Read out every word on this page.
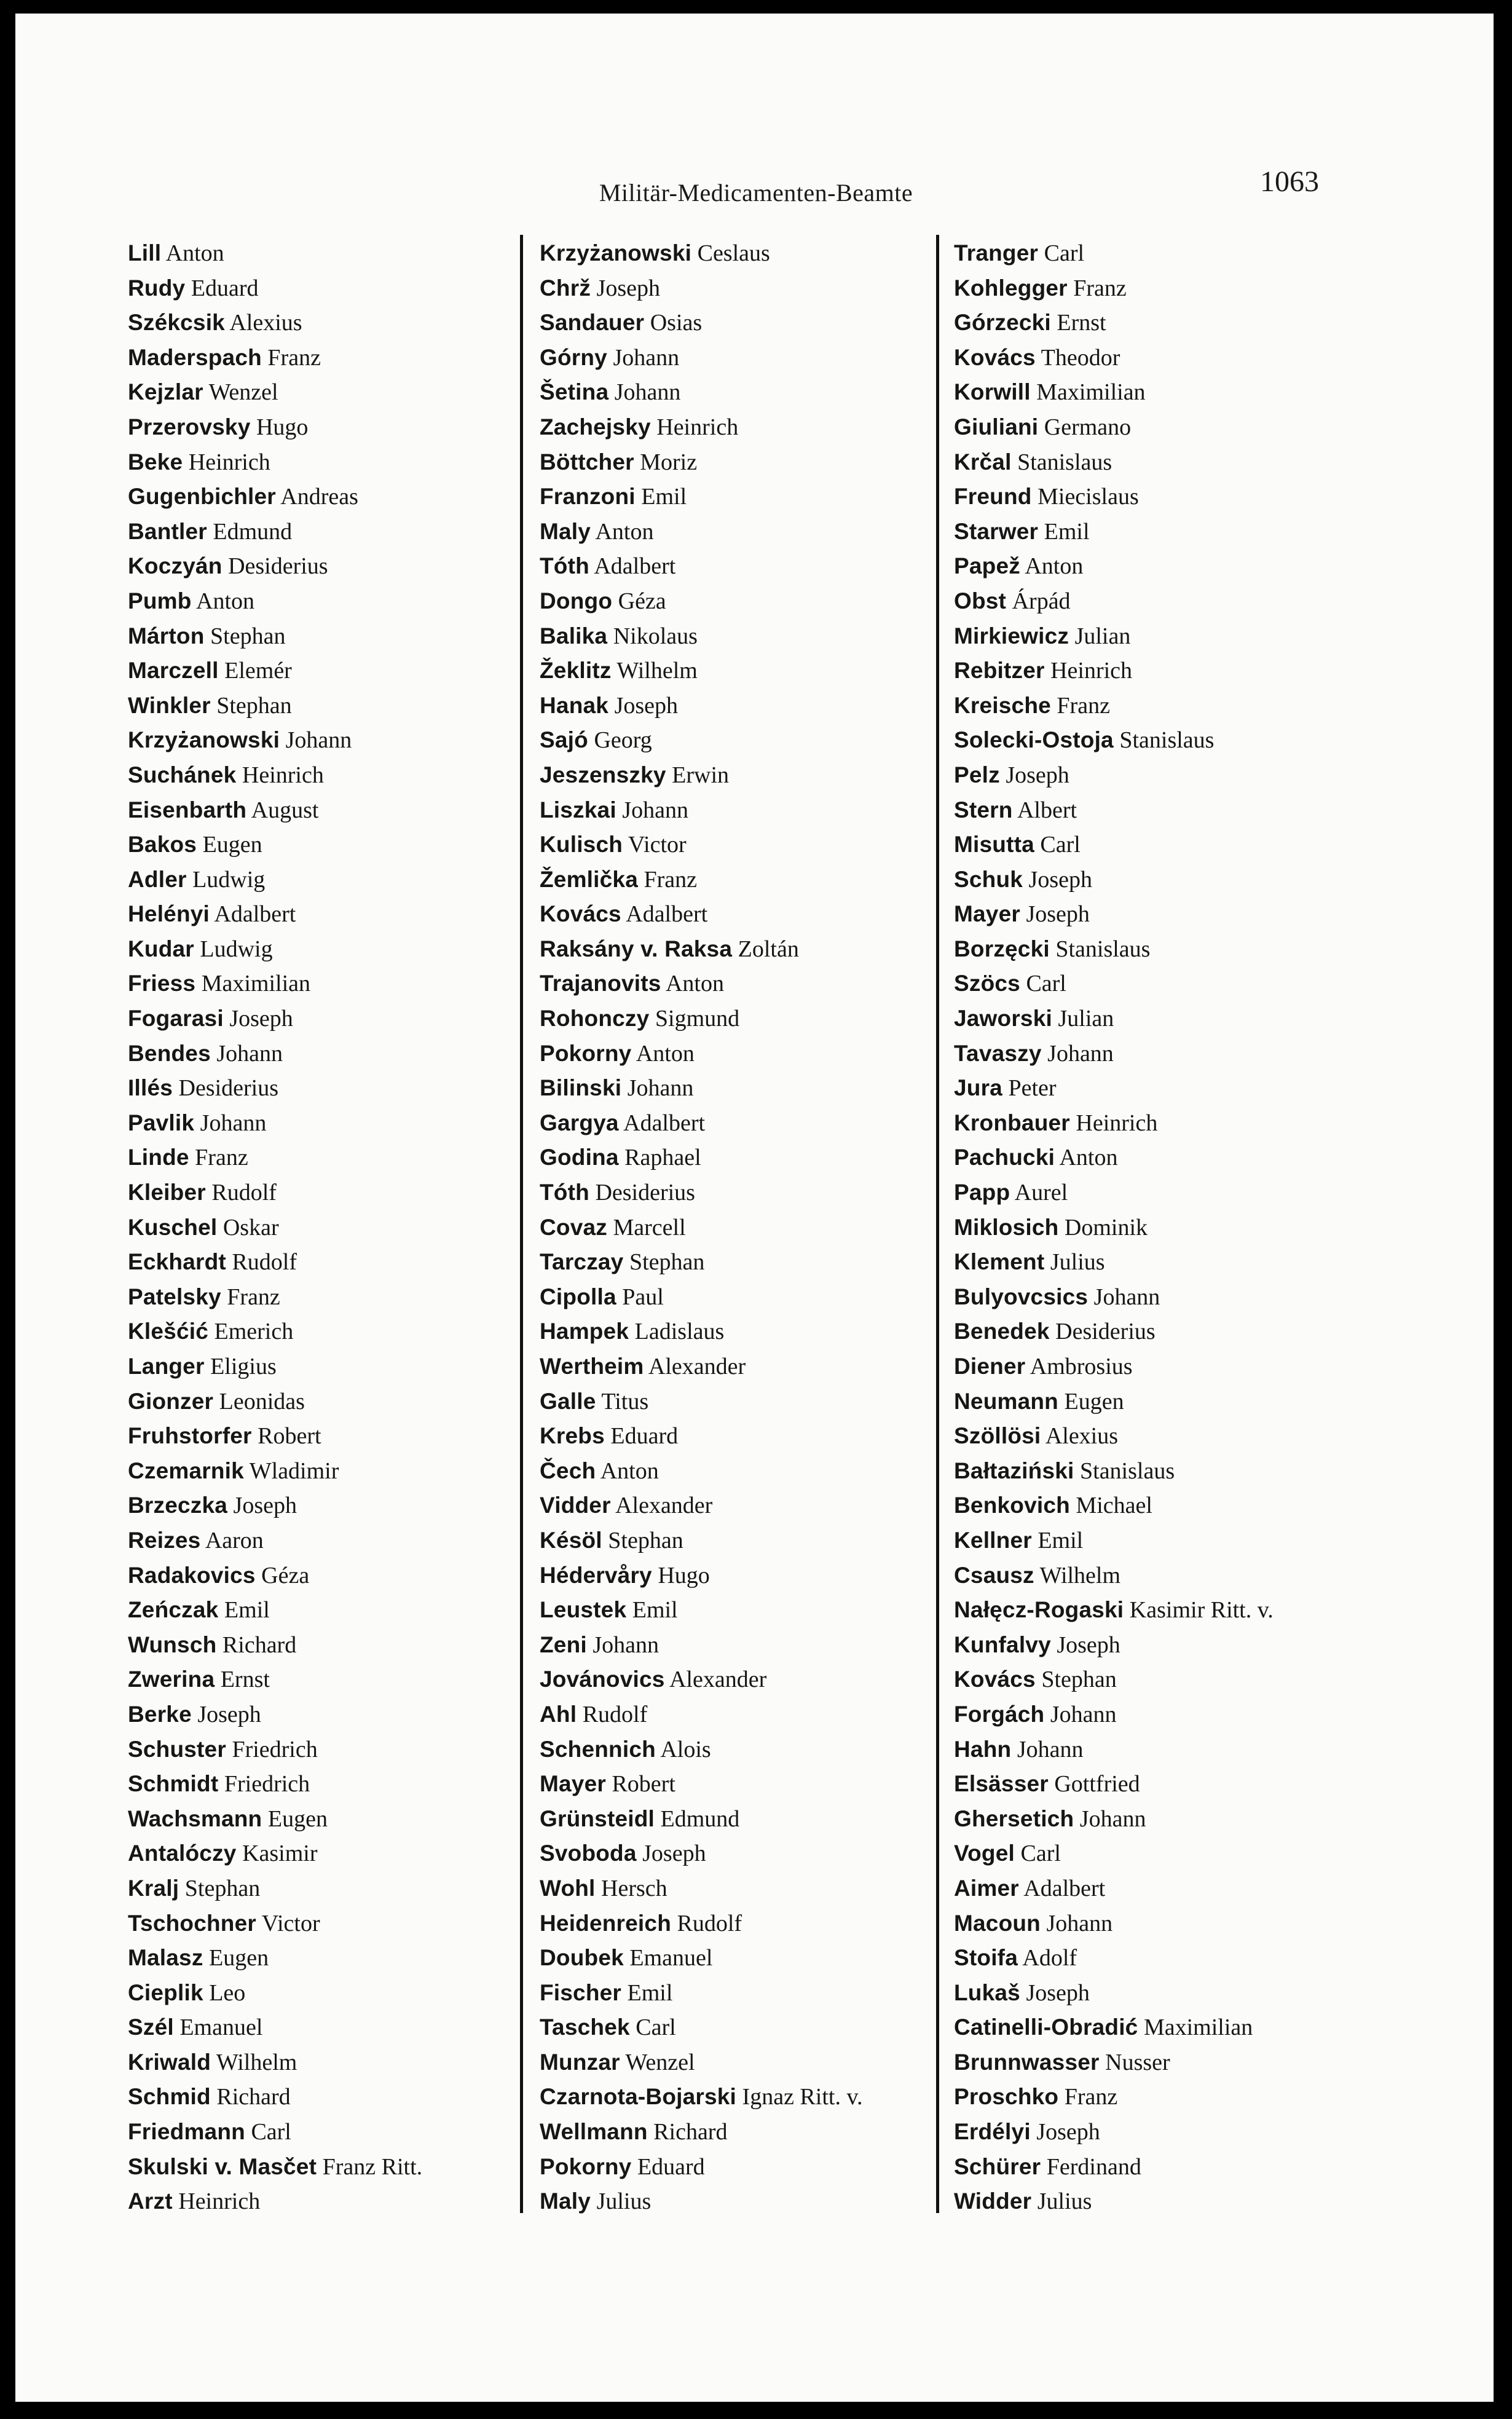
Militär-Medicamenten-Beamte	1063
Lill Anton
Rudy Eduard
Székcsik Alexius
Maderspach Franz
Kejzlar Wenzel
Przerovsky Hugo
Beke Heinrich
Gugenbichler Andreas
Bantler Edmund
Koczyán Desiderius
Pumb Anton
Márton Stephan
Marczell Elemér
Winkler Stephan
Krzyżanowski Johann
Suchánek Heinrich
Eisenbarth August
Bakos Eugen
Adler Ludwig
Helényi Adalbert
Kudar Ludwig
Friess Maximilian
Fogarasi Joseph
Bendes Johann
Illés Desiderius
Pavlik Johann
Linde Franz
Kleiber Rudolf
Kuschel Oskar
Eckhardt Rudolf
Patelsky Franz
Klešćić Emerich
Langer Eligius
Gionzer Leonidas
Fruhstorfer Robert
Czemarnik Wladimir
Brzeczka Joseph
Reizes Aaron
Radakovics Géza
Zeńczak Emil
Wunsch Richard
Zwerina Ernst
Berke Joseph
Schuster Friedrich
Schmidt Friedrich
Wachsmann Eugen
Antalóczy Kasimir
Kralj Stephan
Tschochner Victor
Malasz Eugen
Cieplik Leo
Szél Emanuel
Kriwald Wilhelm
Schmid Richard
Friedmann Carl
Skulski v. Masčet Franz Ritt.
Arzt Heinrich
Krzyżanowski Ceslaus
Chrž Joseph
Sandauer Osias
Górny Johann
Šetina Johann
Zachejsky Heinrich
Böttcher Moriz
Franzoni Emil
Maly Anton
Tóth Adalbert
Dongo Géza
Balika Nikolaus
Žeklitz Wilhelm
Hanak Joseph
Sajó Georg
Jeszenszky Erwin
Liszkai Johann
Kulisch Victor
Žemlička Franz
Kovács Adalbert
Raksány v. Raksa Zoltán
Trajanovits Anton
Rohonczy Sigmund
Pokorny Anton
Bilinski Johann
Gargya Adalbert
Godina Raphael
Tóth Desiderius
Covaz Marcell
Tarczay Stephan
Cipolla Paul
Hampek Ladislaus
Wertheim Alexander
Galle Titus
Krebs Eduard
Čech Anton
Vidder Alexander
Késöl Stephan
Hédervåry Hugo
Leustek Emil
Zeni Johann
Jovánovics Alexander
Ahl Rudolf
Schennich Alois
Mayer Robert
Grünsteidl Edmund
Svoboda Joseph
Wohl Hersch
Heidenreich Rudolf
Doubek Emanuel
Fischer Emil
Taschek Carl
Munzar Wenzel
Czarnota-Bojarski Ignaz Ritt. v.
Wellmann Richard
Pokorny Eduard
Maly Julius
Tranger Carl
Kohlegger Franz
Górzecki Ernst
Kovács Theodor
Korwill Maximilian
Giuliani Germano
Krčal Stanislaus
Freund Miecislaus
Starwer Emil
Papež Anton
Obst Árpád
Mirkiewicz Julian
Rebitzer Heinrich
Kreische Franz
Solecki-Ostoja Stanislaus
Pelz Joseph
Stern Albert
Misutta Carl
Schuk Joseph
Mayer Joseph
Borzęcki Stanislaus
Szöcs Carl
Jaworski Julian
Tavaszy Johann
Jura Peter
Kronbauer Heinrich
Pachucki Anton
Papp Aurel
Miklosich Dominik
Klement Julius
Bulyovcsics Johann
Benedek Desiderius
Diener Ambrosius
Neumann Eugen
Szöllösi Alexius
Bałtaziński Stanislaus
Benkovich Michael
Kellner Emil
Csausz Wilhelm
Nałęcz-Rogaski Kasimir Ritt. v.
Kunfalvy Joseph
Kovács Stephan
Forgách Johann
Hahn Johann
Elsässer Gottfried
Ghersetich Johann
Vogel Carl
Aimer Adalbert
Macoun Johann
Stoifa Adolf
Lukaš Joseph
Catinelli-Obradić Maximilian
Brunnwasser Nusser
Proschko Franz
Erdélyi Joseph
Schürer Ferdinand
Widder Julius
